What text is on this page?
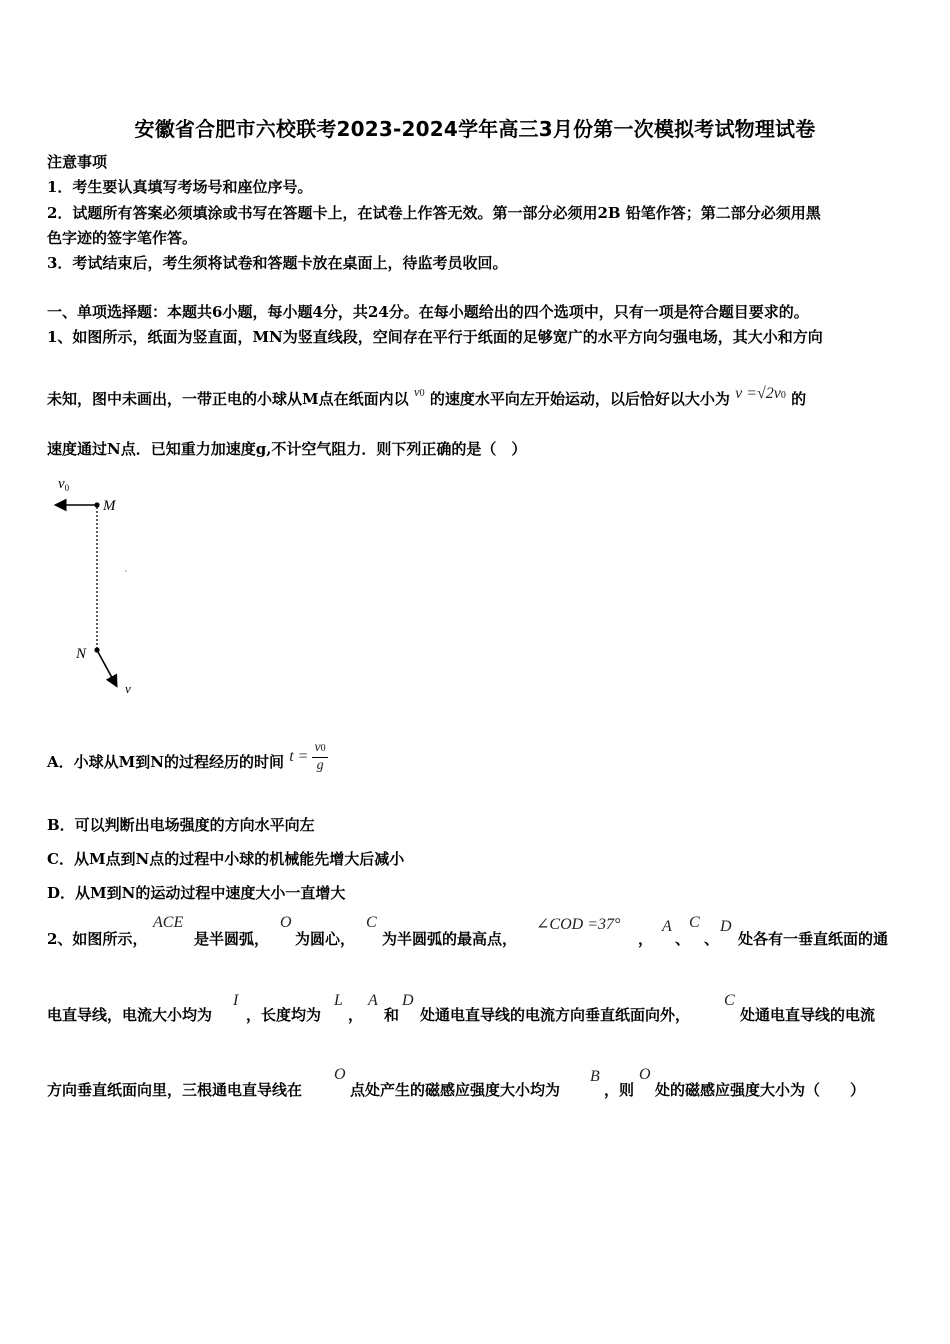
安徽省合肥市六校联考2023-2024学年高三3月份第一次模拟考试物理试卷
注意事项
1．考生要认真填写考场号和座位序号。
2．试题所有答案必须填涂或书写在答题卡上，在试卷上作答无效。第一部分必须用2B 铅笔作答；第二部分必须用黑
色字迹的签字笔作答。
3．考试结束后，考生须将试卷和答题卡放在桌面上，待监考员收回。
一、单项选择题：本题共6小题，每小题4分，共24分。在每小题给出的四个选项中，只有一项是符合题目要求的。
1、如图所示，纸面为竖直面，MN为竖直线段，空间存在平行于纸面的足够宽广的水平方向匀强电场，其大小和方向
未知，图中未画出，一带正电的小球从M点在纸面内以 v0 的速度水平向左开始运动，以后恰好以大小为 v =√2v0 的
速度通过N点．已知重力加速度g,不计空气阻力．则下列正确的是（　）
$v_0$
M
N
v
A．小球从M到N的过程经历的时间 $t = \frac{v0}{g}$
B．可以判断出电场强度的方向水平向左
C．从M点到N点的过程中小球的机械能先增大后减小
D．从M到N的运动过程中速度大小一直增大
2、如图所示，
ACE
是半圆弧，
O
为圆心，
C
为半圆弧的最高点，
∠COD =37°
，
A
、
C
、
D
处各有一垂直纸面的通
电直导线，电流大小均为
I
，长度均为
L
，
A
和
D
处通电直导线的电流方向垂直纸面向外，
C
处通电直导线的电流
方向垂直纸面向里，三根通电直导线在
O
点处产生的磁感应强度大小均为
B
，则
O
处的磁感应强度大小为（　　）
